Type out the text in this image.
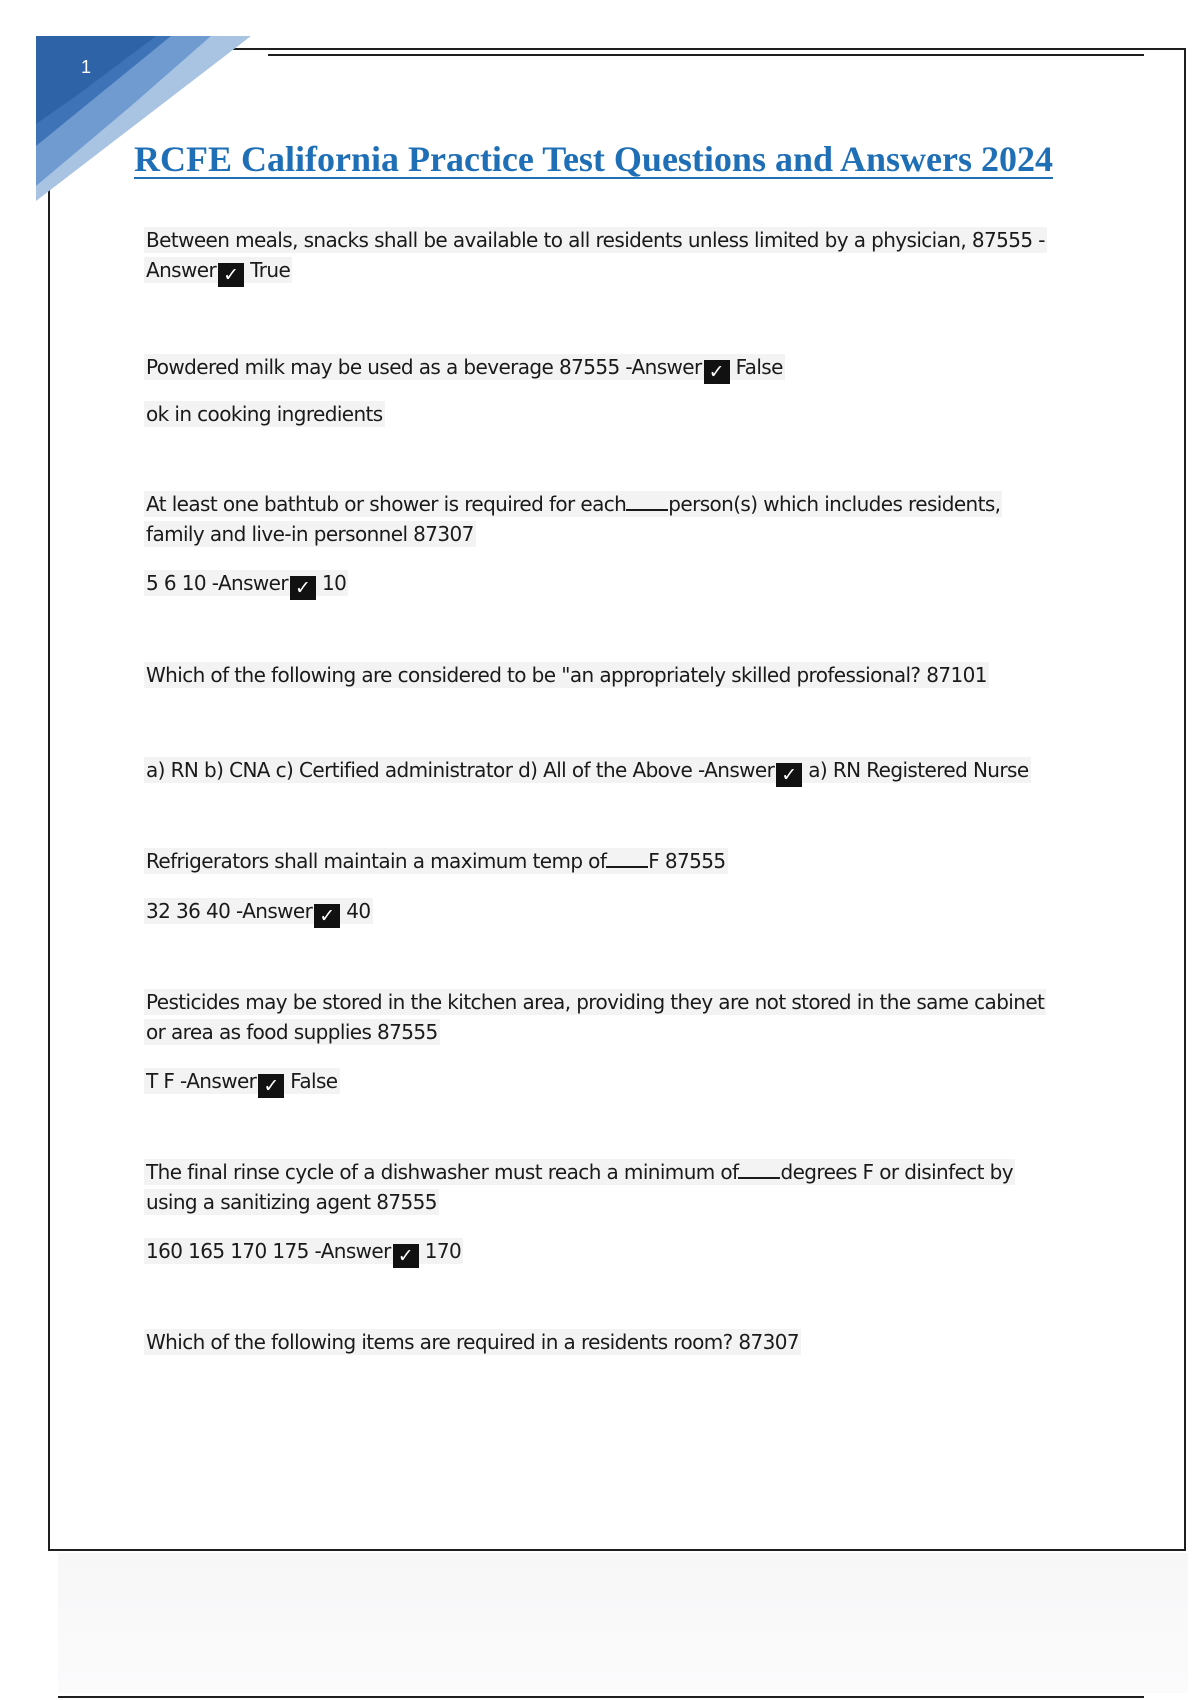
1
RCFE California Practice Test Questions and Answers 2024

Between meals, snacks shall be available to all residents unless limited by a physician, 87555 -
Answer ✓ True

Powdered milk may be used as a beverage 87555 -Answer ✓ False

ok in cooking ingredients

At least one bathtub or shower is required for each person(s) which includes residents,
family and live-in personnel 87307

5 6 10 -Answer ✓ 10

Which of the following are considered to be "an appropriately skilled professional? 87101

a) RN b) CNA c) Certified administrator d) All of the Above -Answer ✓ a) RN Registered Nurse

Refrigerators shall maintain a maximum temp of F 87555

32 36 40 -Answer ✓ 40

Pesticides may be stored in the kitchen area, providing they are not stored in the same cabinet
or area as food supplies 87555

T F -Answer ✓ False

The final rinse cycle of a dishwasher must reach a minimum of degrees F or disinfect by
using a sanitizing agent 87555

160 165 170 175 -Answer ✓ 170

Which of the following items are required in a residents room? 87307
